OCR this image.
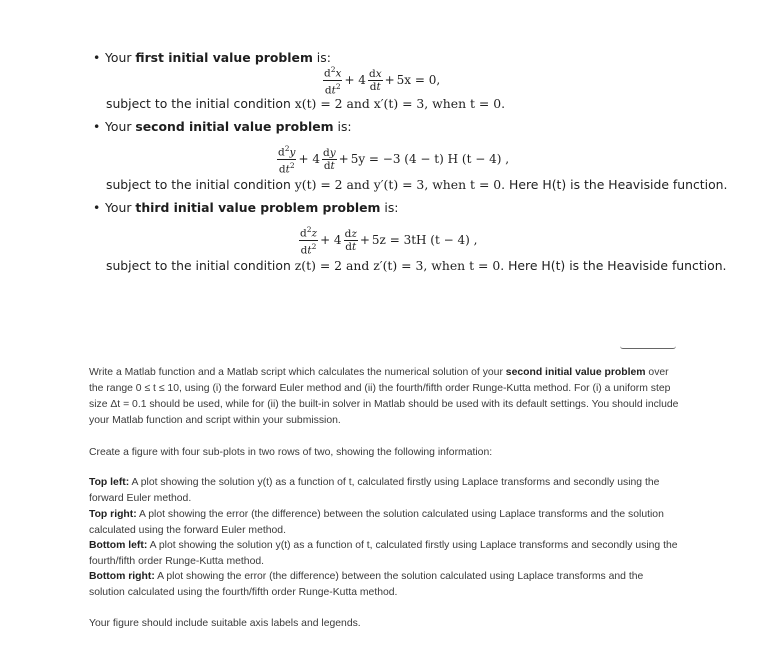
• Your first initial value problem is:
$\frac{d^2x}{dt^2} + 4 \frac{dx}{dt} + 5x = 0$,
subject to the initial condition x(t) = 2 and x′(t) = 3, when t = 0.
• Your second initial value problem is:
$\frac{d^2y}{dt^2} + 4 \frac{dy}{dt} + 5y = -3$ (4 − t) H (t − 4) ,
subject to the initial condition y(t) = 2 and y′(t) = 3, when t = 0. Here H(t) is the Heaviside function.
• Your third initial value problem problem is:
$\frac{d^2z}{dt^2} + 4 \frac{dz}{dt} + 5z = 3tH$ (t − 4) ,
subject to the initial condition z(t) = 2 and z′(t) = 3, when t = 0. Here H(t) is the Heaviside function.
Write a Matlab function and a Matlab script which calculates the numerical solution of your second initial value problem over the range 0 ≤ t ≤ 10, using (i) the forward Euler method and (ii) the fourth/fifth order Runge-Kutta method. For (i) a uniform step size Δt = 0.1 should be used, while for (ii) the built-in solver in Matlab should be used with its default settings. You should include your Matlab function and script within your submission.
Create a figure with four sub-plots in two rows of two, showing the following information:
Top left: A plot showing the solution y(t) as a function of t, calculated firstly using Laplace transforms and secondly using the forward Euler method.
Top right: A plot showing the error (the difference) between the solution calculated using Laplace transforms and the solution calculated using the forward Euler method.
Bottom left: A plot showing the solution y(t) as a function of t, calculated firstly using Laplace transforms and secondly using the fourth/fifth order Runge-Kutta method.
Bottom right: A plot showing the error (the difference) between the solution calculated using Laplace transforms and the solution calculated using the fourth/fifth order Runge-Kutta method.
Your figure should include suitable axis labels and legends.
